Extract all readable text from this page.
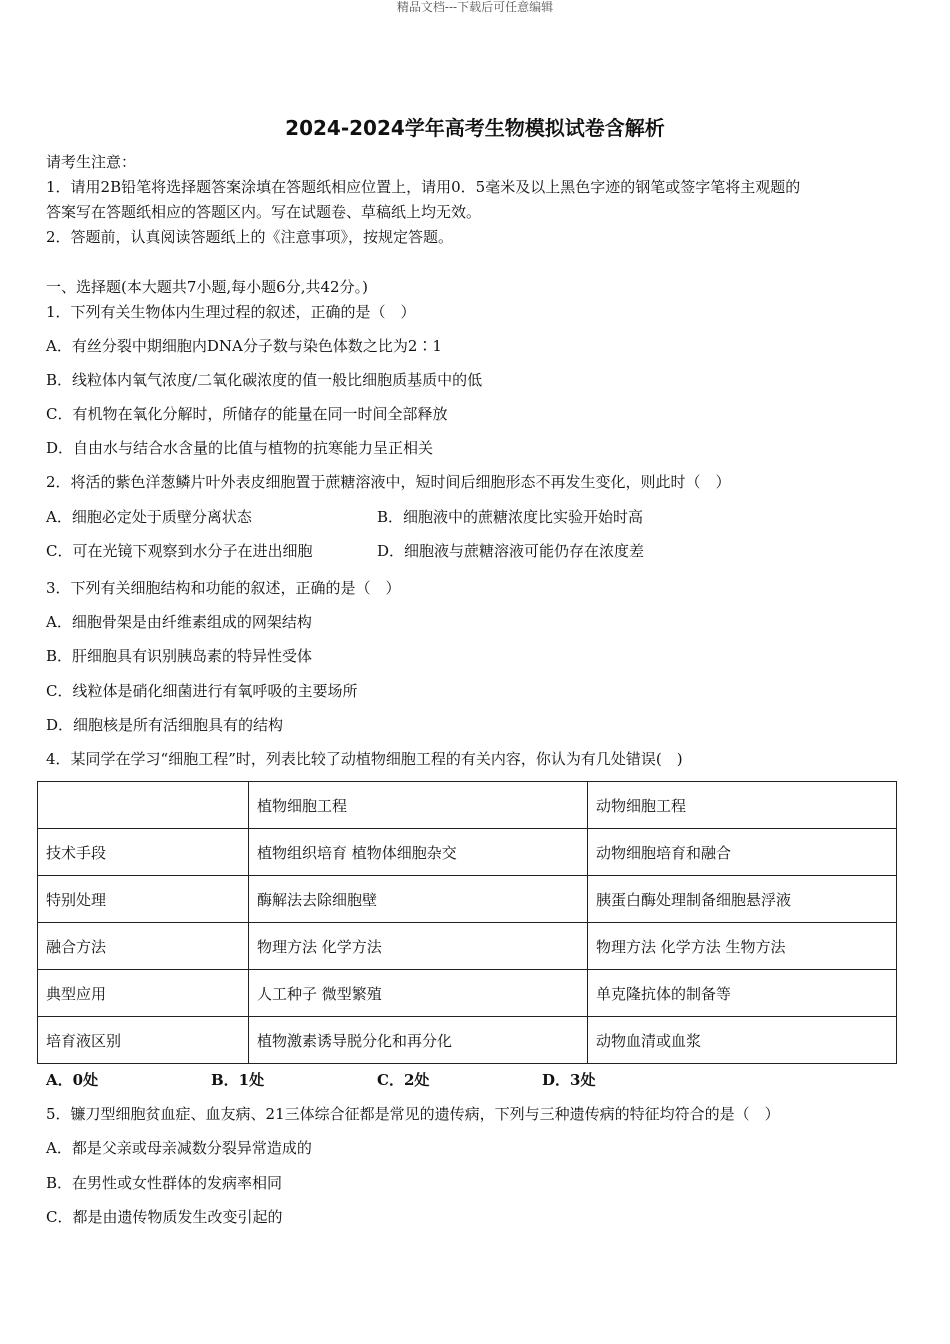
精品文档---下载后可任意编辑
2024-2024学年高考生物模拟试卷含解析
请考生注意：
1．请用2B铅笔将选择题答案涂填在答题纸相应位置上，请用0．5毫米及以上黑色字迹的钢笔或签字笔将主观题的
答案写在答题纸相应的答题区内。写在试题卷、草稿纸上均无效。
2．答题前，认真阅读答题纸上的《注意事项》，按规定答题。
一、选择题(本大题共7小题,每小题6分,共42分。)
1．下列有关生物体内生理过程的叙述，正确的是（　）
A．有丝分裂中期细胞内DNA分子数与染色体数之比为2∶1
B．线粒体内氧气浓度/二氧化碳浓度的值一般比细胞质基质中的低
C．有机物在氧化分解时，所储存的能量在同一时间全部释放
D．自由水与结合水含量的比值与植物的抗寒能力呈正相关
2．将活的紫色洋葱鳞片叶外表皮细胞置于蔗糖溶液中，短时间后细胞形态不再发生变化，则此时（　）
A．细胞必定处于质壁分离状态	B．细胞液中的蔗糖浓度比实验开始时高
C．可在光镜下观察到水分子在进出细胞	D．细胞液与蔗糖溶液可能仍存在浓度差
3．下列有关细胞结构和功能的叙述，正确的是（　）
A．细胞骨架是由纤维素组成的网架结构
B．肝细胞具有识别胰岛素的特异性受体
C．线粒体是硝化细菌进行有氧呼吸的主要场所
D．细胞核是所有活细胞具有的结构
4．某同学在学习“细胞工程”时，列表比较了动植物细胞工程的有关内容，你认为有几处错误(　)
	植物细胞工程	动物细胞工程
技术手段	植物组织培育 植物体细胞杂交	动物细胞培育和融合
特别处理	酶解法去除细胞壁	胰蛋白酶处理制备细胞悬浮液
融合方法	物理方法 化学方法	物理方法 化学方法 生物方法
典型应用	人工种子 微型繁殖	单克隆抗体的制备等
培育液区别	植物激素诱导脱分化和再分化	动物血清或血浆
A．0处	B．1处	C．2处	D．3处
5．镰刀型细胞贫血症、血友病、21三体综合征都是常见的遗传病，下列与三种遗传病的特征均符合的是（　）
A．都是父亲或母亲减数分裂异常造成的
B．在男性或女性群体的发病率相同
C．都是由遗传物质发生改变引起的
